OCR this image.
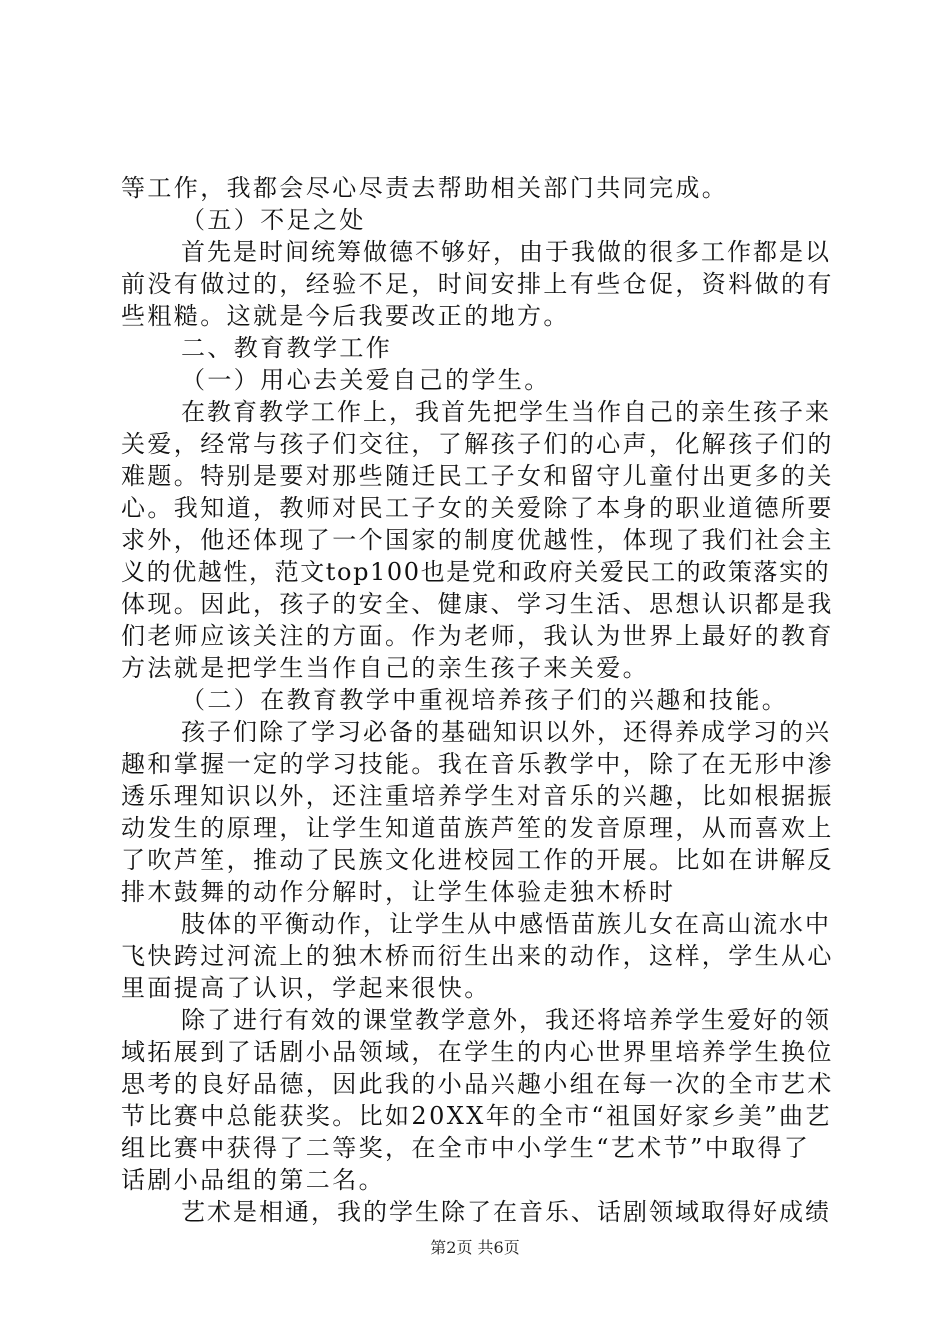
等工作，我都会尽心尽责去帮助相关部门共同完成。
（五）不足之处
首先是时间统筹做德不够好，由于我做的很多工作都是以
前没有做过的，经验不足，时间安排上有些仓促，资料做的有
些粗糙。这就是今后我要改正的地方。
二、教育教学工作
（一）用心去关爱自己的学生。
在教育教学工作上，我首先把学生当作自己的亲生孩子来
关爱，经常与孩子们交往，了解孩子们的心声，化解孩子们的
难题。特别是要对那些随迁民工子女和留守儿童付出更多的关
心。我知道，教师对民工子女的关爱除了本身的职业道德所要
求外，他还体现了一个国家的制度优越性，体现了我们社会主
义的优越性，范文top100也是党和政府关爱民工的政策落实的
体现。因此，孩子的安全、健康、学习生活、思想认识都是我
们老师应该关注的方面。作为老师，我认为世界上最好的教育
方法就是把学生当作自己的亲生孩子来关爱。
（二）在教育教学中重视培养孩子们的兴趣和技能。
孩子们除了学习必备的基础知识以外，还得养成学习的兴
趣和掌握一定的学习技能。我在音乐教学中，除了在无形中渗
透乐理知识以外，还注重培养学生对音乐的兴趣，比如根据振
动发生的原理，让学生知道苗族芦笙的发音原理，从而喜欢上
了吹芦笙，推动了民族文化进校园工作的开展。比如在讲解反
排木鼓舞的动作分解时，让学生体验走独木桥时
肢体的平衡动作，让学生从中感悟苗族儿女在高山流水中
飞快跨过河流上的独木桥而衍生出来的动作，这样，学生从心
里面提高了认识，学起来很快。
除了进行有效的课堂教学意外，我还将培养学生爱好的领
域拓展到了话剧小品领域，在学生的内心世界里培养学生换位
思考的良好品德，因此我的小品兴趣小组在每一次的全市艺术
节比赛中总能获奖。比如20XX年的全市“祖国好家乡美”曲艺
组比赛中获得了二等奖，在全市中小学生“艺术节”中取得了
话剧小品组的第二名。
艺术是相通，我的学生除了在音乐、话剧领域取得好成绩
第2页 共6页
